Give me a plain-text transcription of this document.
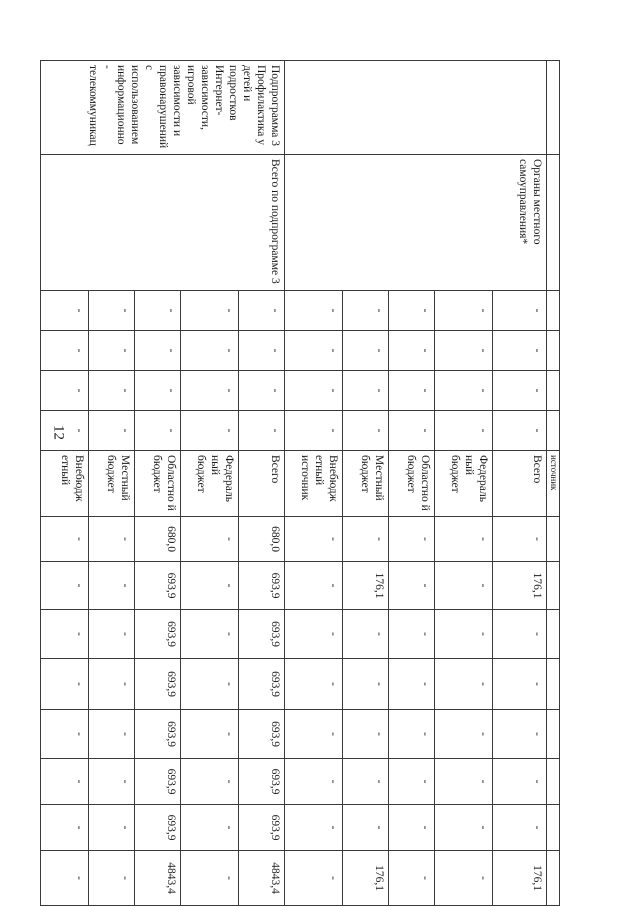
12
						источник								
	Органы местного самоуправления*	-	-	-	-	Всего	-	176,1	-	-	-	-	-	176,1
		-	-	-	-	Федераль ный бюджет	-	-	-	-	-	-	-	-
		-	-	-	-	Областно й бюджет	-	-	-	-	-	-	-	-
		-	-	-	-	Местный бюджет	-	176,1	-	-	-	-	-	176,1
		-	-	-	-	Внебюдж етный источник	-	-	-	-	-	-	-	-
Подпрограмма 3 Профилактика у детей и подростков Интернет-зависимости, игровой зависимости и правонарушений с использованием информационно - телекоммуникац	Всего по подпрограмме 3	-	-	-	-	Всего	680,0	693,9	693,9	693,9	693,9	693,9	693,9	4843,4
		-	-	-	-	Федераль ный бюджет	-	-	-	-	-	-	-	-
		-	-	-	-	Областно й бюджет	680,0	693,9	693,9	693,9	693,9	693,9	693,9	4843,4
		-	-	-	-	Местный бюджет	-	-	-	-	-	-	-	-
		-	-	-	-	Внебюдж етный	-	-	-	-	-	-	-	-
